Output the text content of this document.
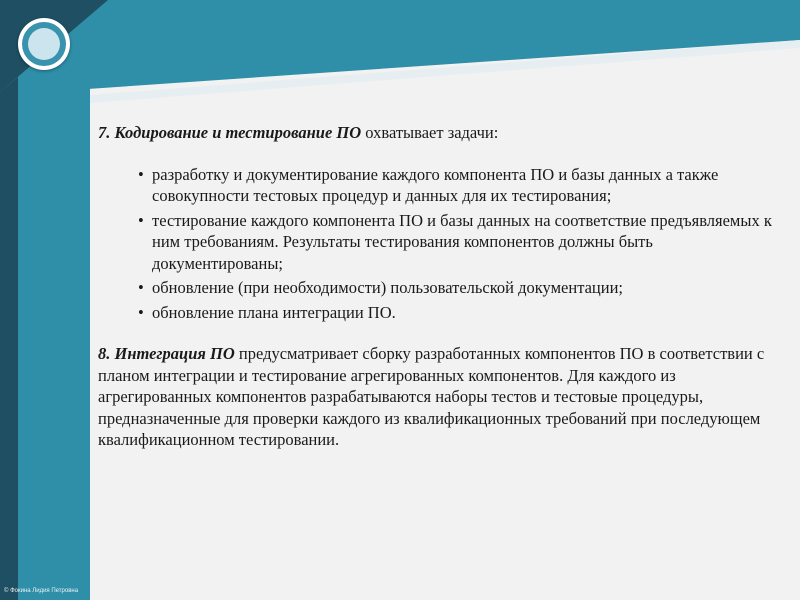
7. Кодирование и тестирование ПО охватывает задачи:

• разработку и документирование каждого компонента ПО и базы данных а также совокупности тестовых процедур и данных для их тестирования;
• тестирование каждого компонента ПО и базы данных на соответствие предъявляемых к ним требованиям. Результаты тестирования компонентов должны быть документированы;
• обновление (при необходимости) пользовательской документации;
• обновление плана интеграции ПО.

8. Интеграция ПО предусматривает сборку разработанных компонентов ПО в соответствии с планом интеграции и тестирование агрегированных компонентов. Для каждого из агрегированных компонентов разрабатываются наборы тестов и тестовые процедуры, предназначенные для проверки каждого из квалификационных требований при последующем квалификационном тестировании.

© Фокина Лидия Петровна
